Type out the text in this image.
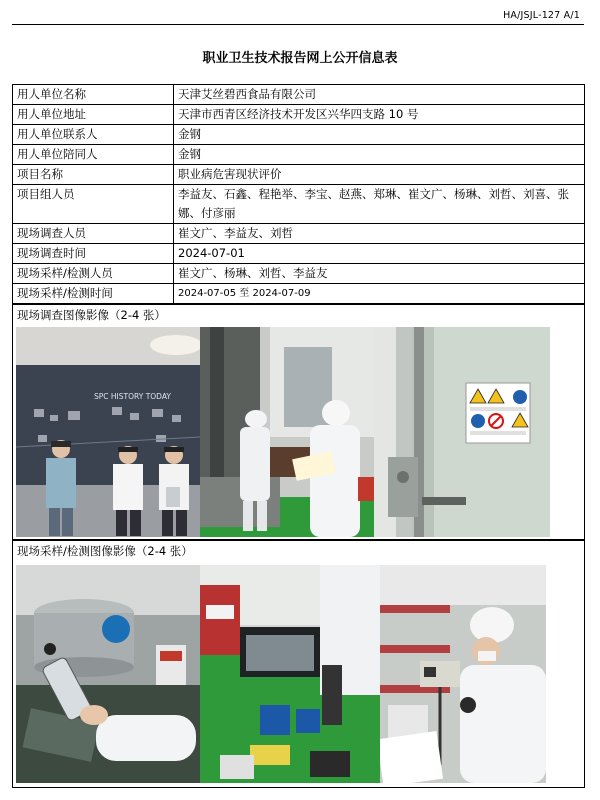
HA/JSJL-127 A/1
职业卫生技术报告网上公开信息表
用人单位名称	天津艾丝碧西食品有限公司
用人单位地址	天津市西青区经济技术开发区兴华四支路 10 号
用人单位联系人	金钢
用人单位陪同人	金钢
项目名称	职业病危害现状评价
项目组人员	李益友、石鑫、程艳举、李宝、赵燕、郑琳、崔文广、杨琳、刘哲、刘喜、张娜、付彦丽
现场调查人员	崔文广、李益友、刘哲
现场调查时间	2024-07-01
现场采样/检测人员	崔文广、杨琳、刘哲、李益友
现场采样/检测时间	2024-07-05 至 2024-07-09
现场调查图像影像（2-4 张）
SPC HISTORY TODAY
现场采样/检测图像影像（2-4 张）
